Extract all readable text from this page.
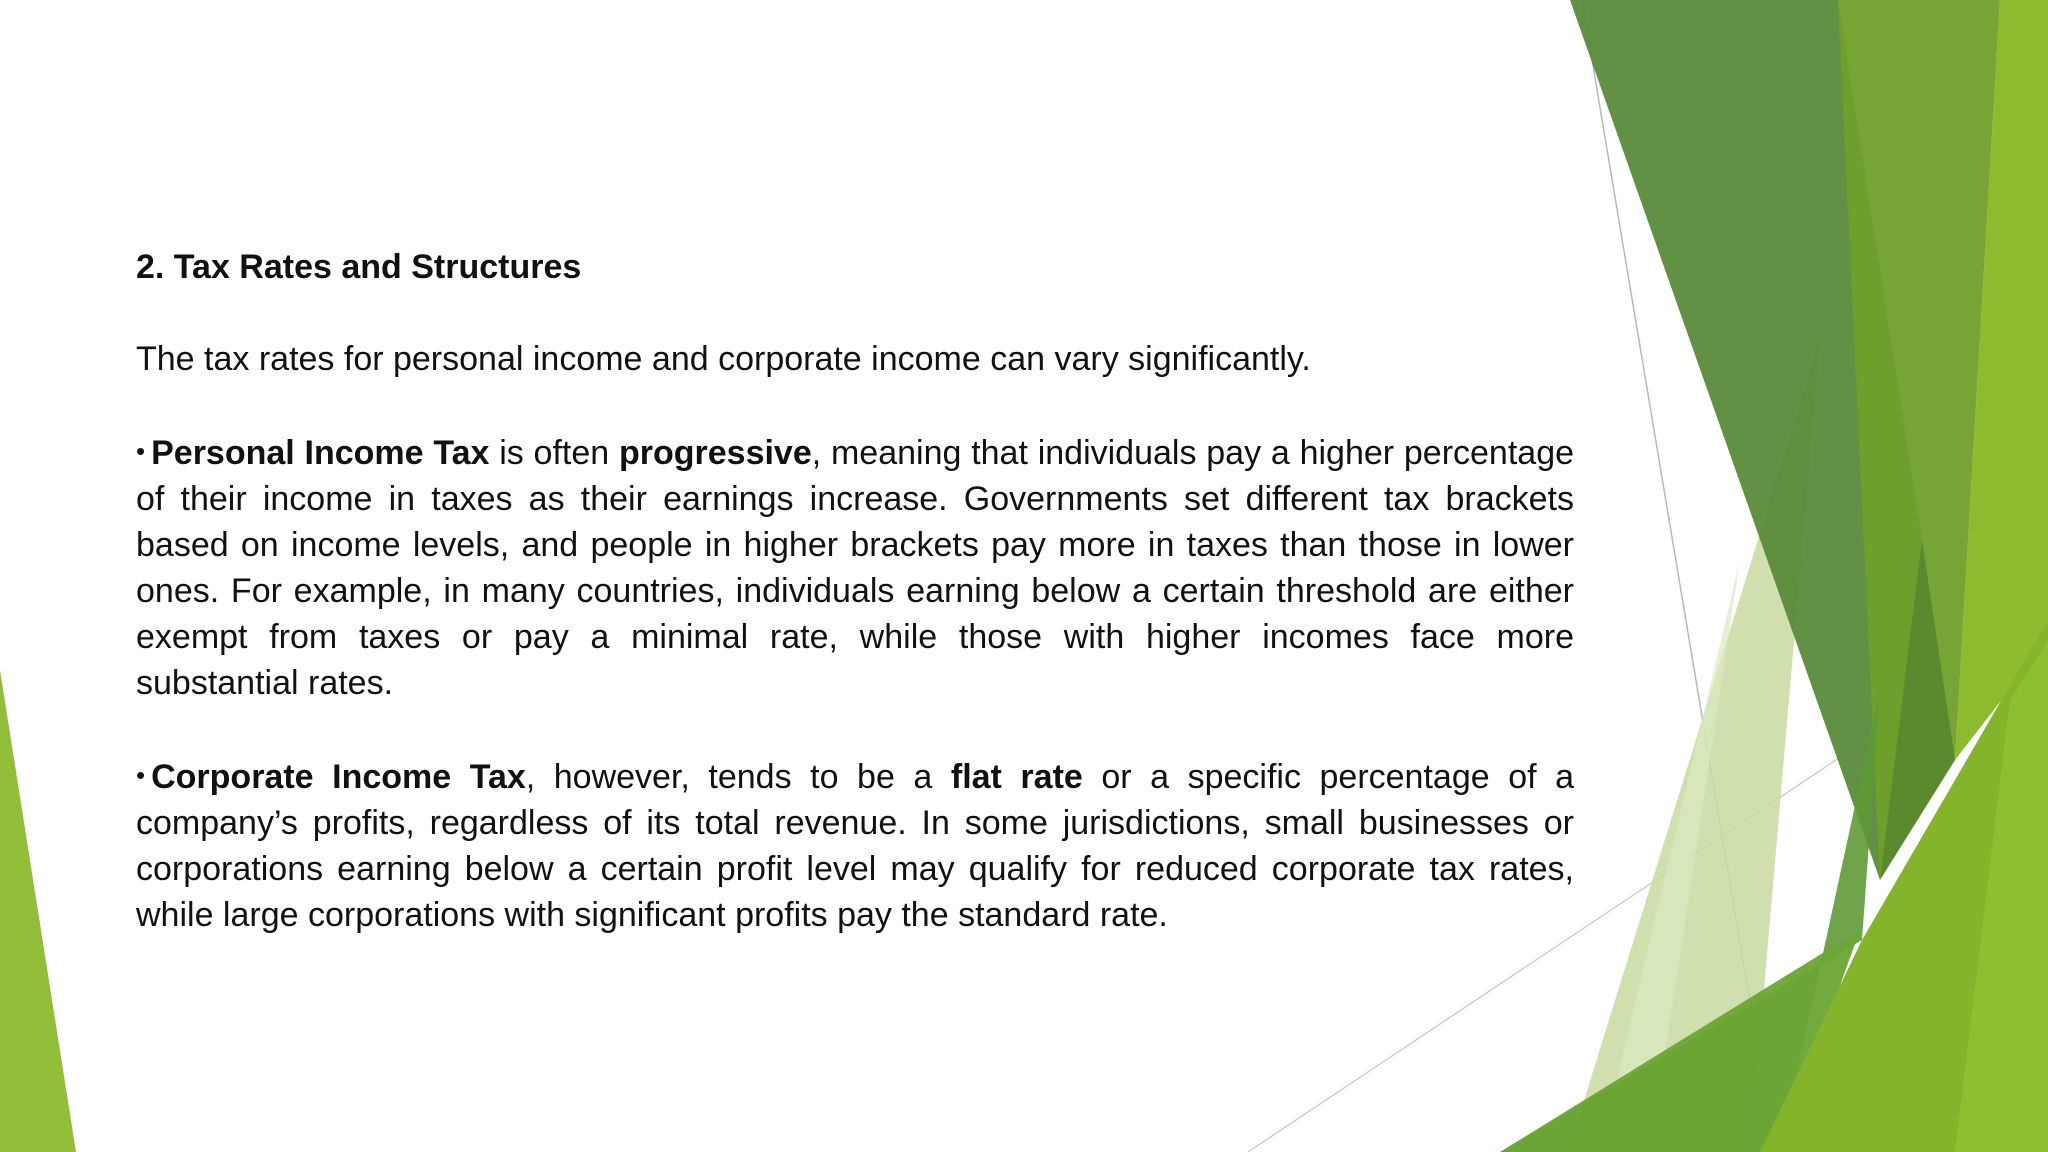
2. Tax Rates and Structures
The tax rates for personal income and corporate income can vary significantly.
• Personal Income Tax is often progressive, meaning that individuals pay a higher percentage of their income in taxes as their earnings increase. Governments set different tax brackets based on income levels, and people in higher brackets pay more in taxes than those in lower ones. For example, in many countries, individuals earning below a certain threshold are either exempt from taxes or pay a minimal rate, while those with higher incomes face more substantial rates.
• Corporate Income Tax, however, tends to be a flat rate or a specific percentage of a company’s profits, regardless of its total revenue. In some jurisdictions, small businesses or corporations earning below a certain profit level may qualify for reduced corporate tax rates, while large corporations with significant profits pay the standard rate.
